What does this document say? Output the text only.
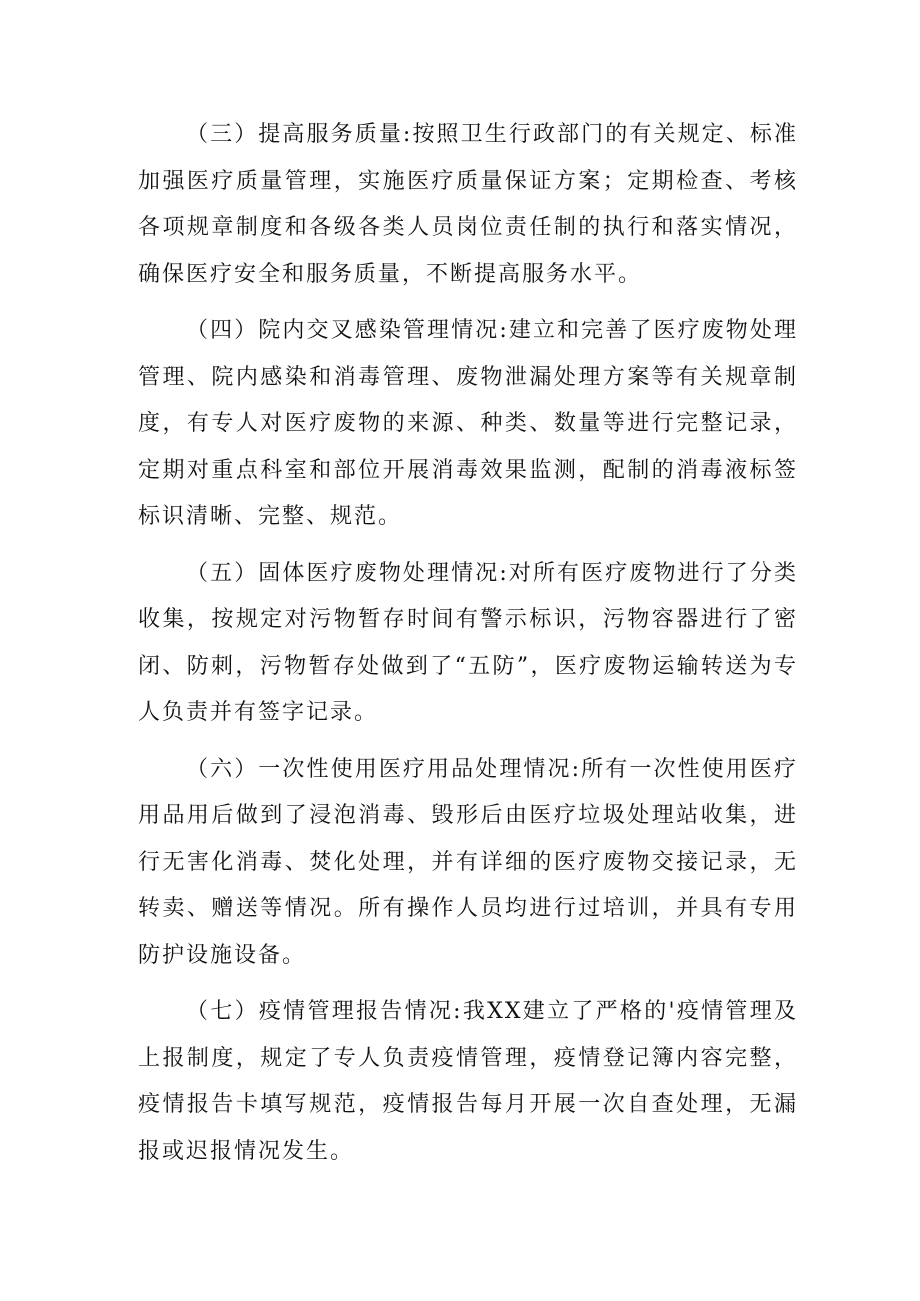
（三）提高服务质量:按照卫生行政部门的有关规定、标准加强医疗质量管理，实施医疗质量保证方案；定期检查、考核各项规章制度和各级各类人员岗位责任制的执行和落实情况，确保医疗安全和服务质量，不断提高服务水平。

（四）院内交叉感染管理情况:建立和完善了医疗废物处理管理、院内感染和消毒管理、废物泄漏处理方案等有关规章制度，有专人对医疗废物的来源、种类、数量等进行完整记录，定期对重点科室和部位开展消毒效果监测，配制的消毒液标签标识清晰、完整、规范。

（五）固体医疗废物处理情况:对所有医疗废物进行了分类收集，按规定对污物暂存时间有警示标识，污物容器进行了密闭、防刺，污物暂存处做到了“五防”，医疗废物运输转送为专人负责并有签字记录。

（六）一次性使用医疗用品处理情况:所有一次性使用医疗用品用后做到了浸泡消毒、毁形后由医疗垃圾处理站收集，进行无害化消毒、焚化处理，并有详细的医疗废物交接记录，无转卖、赠送等情况。所有操作人员均进行过培训，并具有专用防护设施设备。

（七）疫情管理报告情况:我XX建立了严格的'疫情管理及上报制度，规定了专人负责疫情管理，疫情登记簿内容完整，疫情报告卡填写规范，疫情报告每月开展一次自查处理，无漏报或迟报情况发生。
